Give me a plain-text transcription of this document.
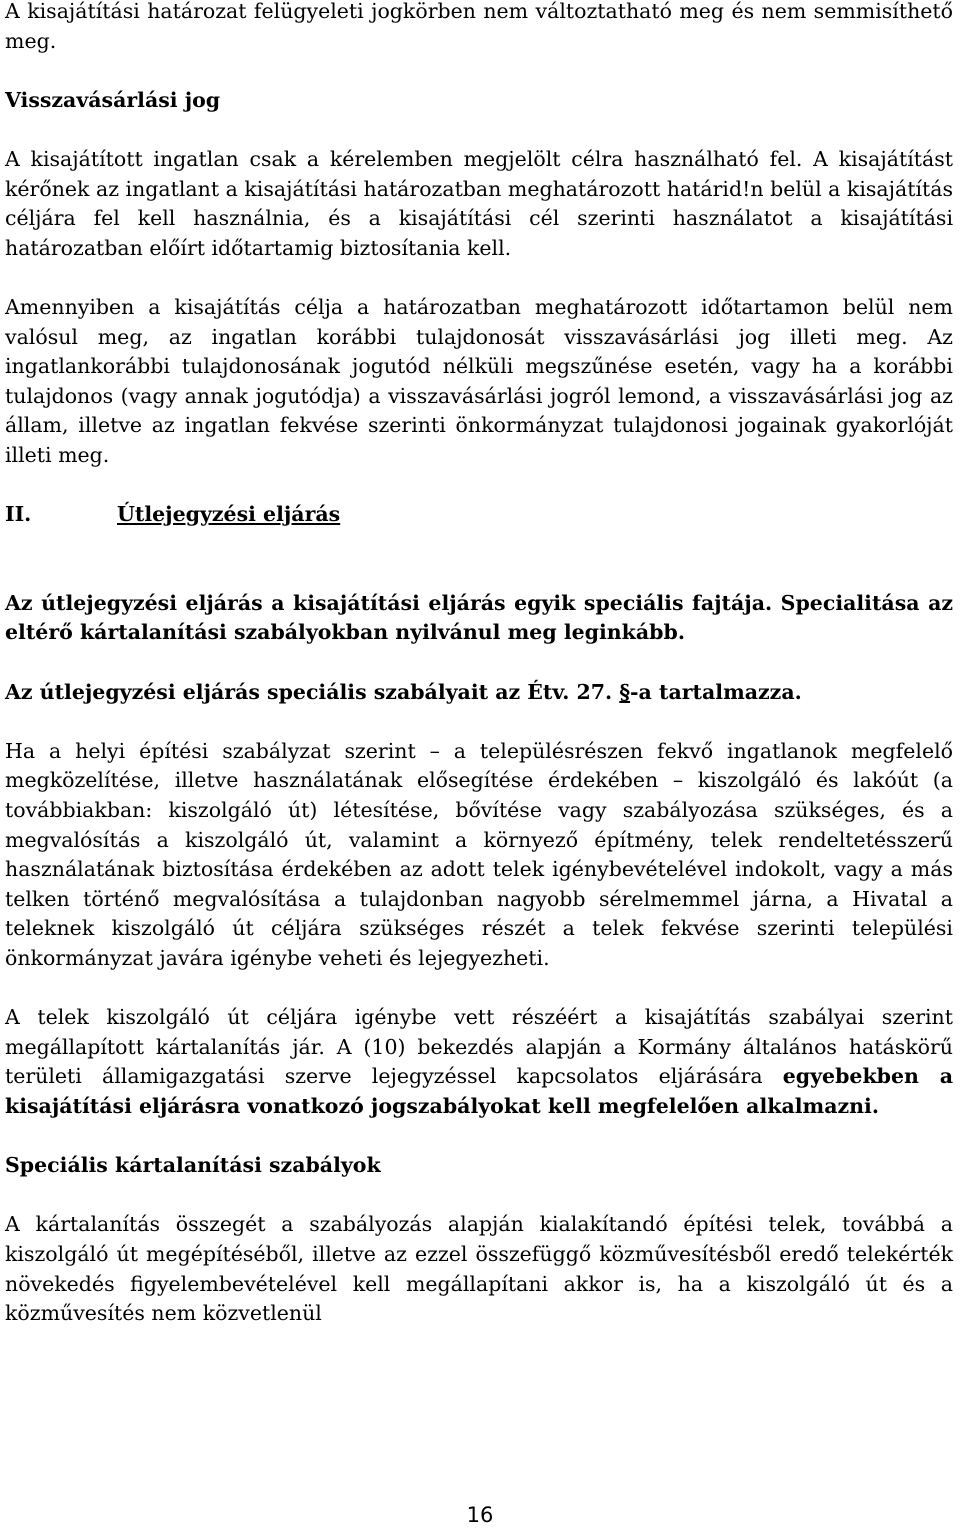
A kisajátítási határozat felügyeleti jogkörben nem változtatható meg és nem semmisíthető meg.

Visszavásárlási jog

A kisajátított ingatlan csak a kérelemben megjelölt célra használható fel. A kisajátítást kérőnek az ingatlant a kisajátítási határozatban meghatározott határid!n belül a kisajátítás céljára fel kell használnia, és a kisajátítási cél szerinti használatot a kisajátítási határozatban előírt időtartamig biztosítania kell.

Amennyiben a kisajátítás célja a határozatban meghatározott időtartamon belül nem valósul meg, az ingatlan korábbi tulajdonosát visszavásárlási jog illeti meg. Az ingatlankorábbi tulajdonosának jogutód nélküli megszűnése esetén, vagy ha a korábbi tulajdonos (vagy annak jogutódja) a visszavásárlási jogról lemond, a visszavásárlási jog az állam, illetve az ingatlan fekvése szerinti önkormányzat tulajdonosi jogainak gyakorlóját illeti meg.

II.	Útlejegyzési eljárás

Az útlejegyzési eljárás a kisajátítási eljárás egyik speciális fajtája. Specialitása az eltérő kártalanítási szabályokban nyilvánul meg leginkább.

Az útlejegyzési eljárás speciális szabályait az Étv. 27. §-a tartalmazza.

Ha a helyi építési szabályzat szerint – a településrészen fekvő ingatlanok megfelelő megközelítése, illetve használatának elősegítése érdekében – kiszolgáló és lakóút (a továbbiakban: kiszolgáló út) létesítése, bővítése vagy szabályozása szükséges, és a megvalósítás a kiszolgáló út, valamint a környező építmény, telek rendeltetésszerű használatának biztosítása érdekében az adott telek igénybevételével indokolt, vagy a más telken történő megvalósítása a tulajdonban nagyobb sérelmemmel járna, a Hivatal a teleknek kiszolgáló út céljára szükséges részét a telek fekvése szerinti települési önkormányzat javára igénybe veheti és lejegyezheti.

A telek kiszolgáló út céljára igénybe vett részéért a kisajátítás szabályai szerint megállapított kártalanítás jár. A (10) bekezdés alapján a Kormány általános hatáskörű területi államigazgatási szerve lejegyzéssel kapcsolatos eljárására egyebekben a kisajátítási eljárásra vonatkozó jogszabályokat kell megfelelően alkalmazni.

Speciális kártalanítási szabályok

A kártalanítás összegét a szabályozás alapján kialakítandó építési telek, továbbá a kiszolgáló út megépítéséből, illetve az ezzel összefüggő közművesítésből eredő telekérték növekedés figyelembevételével kell megállapítani akkor is, ha a kiszolgáló út és a közművesítés nem közvetlenül

16
